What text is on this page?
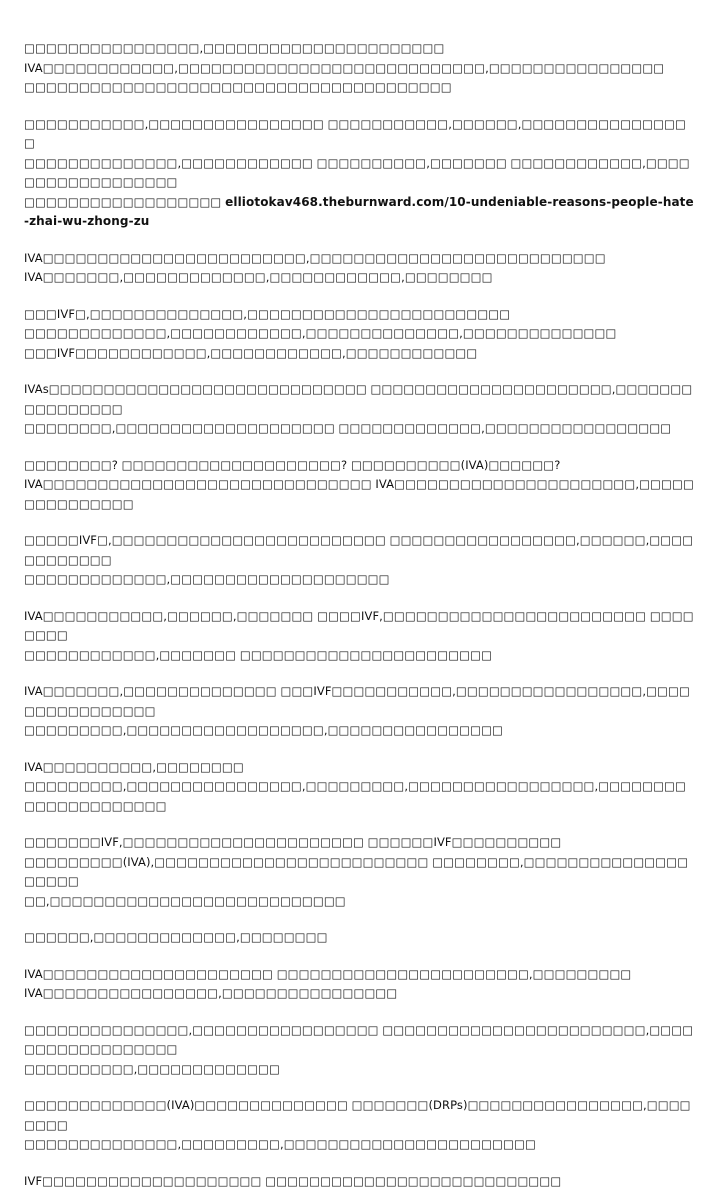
□□□□□□□□□□□□□□□□,□□□□□□□□□□□□□□□□□□□□□□
IVA□□□□□□□□□□□□,□□□□□□□□□□□□□□□□□□□□□□□□□□□□,□□□□□□□□□□□□□□□□
□□□□□□□□□□□□□□□□□□□□□□□□□□□□□□□□□□□□□□□

□□□□□□□□□□□,□□□□□□□□□□□□□□□□ □□□□□□□□□□□,□□□□□□,□□□□□□□□□□□□□□□□
□□□□□□□□□□□□□□,□□□□□□□□□□□□ □□□□□□□□□□,□□□□□□□ □□□□□□□□□□□□,□□□□□□□□□□□□□□□□□□
□□□□□□□□□□□□□□□□□□ elliotokav468.theburnward.com/10-undeniable-reasons-people-hate-zhai-wu-zhong-zu

IVA□□□□□□□□□□□□□□□□□□□□□□□□,□□□□□□□□□□□□□□□□□□□□□□□□□□□
IVA□□□□□□□,□□□□□□□□□□□□□,□□□□□□□□□□□□,□□□□□□□□

□□□IVF□,□□□□□□□□□□□□□□,□□□□□□□□□□□□□□□□□□□□□□□□
□□□□□□□□□□□□□,□□□□□□□□□□□□,□□□□□□□□□□□□□□,□□□□□□□□□□□□□□
□□□IVF□□□□□□□□□□□□,□□□□□□□□□□□□,□□□□□□□□□□□□

IVAs□□□□□□□□□□□□□□□□□□□□□□□□□□□□□ □□□□□□□□□□□□□□□□□□□□□□,□□□□□□□□□□□□□□□□
□□□□□□□□,□□□□□□□□□□□□□□□□□□□□ □□□□□□□□□□□□□,□□□□□□□□□□□□□□□□□

□□□□□□□□? □□□□□□□□□□□□□□□□□□□□? □□□□□□□□□□(IVA)□□□□□□?
IVA□□□□□□□□□□□□□□□□□□□□□□□□□□□□□□ IVA□□□□□□□□□□□□□□□□□□□□□□,□□□□□□□□□□□□□□□

□□□□□IVF□,□□□□□□□□□□□□□□□□□□□□□□□□□ □□□□□□□□□□□□□□□□□,□□□□□□,□□□□□□□□□□□□
□□□□□□□□□□□□□,□□□□□□□□□□□□□□□□□□□□

IVA□□□□□□□□□□□,□□□□□□,□□□□□□□ □□□□IVF,□□□□□□□□□□□□□□□□□□□□□□□□ □□□□□□□□
□□□□□□□□□□□□,□□□□□□□ □□□□□□□□□□□□□□□□□□□□□□□

IVA□□□□□□□,□□□□□□□□□□□□□□ □□□IVF□□□□□□□□□□□,□□□□□□□□□□□□□□□□□,□□□□□□□□□□□□□□□□
□□□□□□□□□,□□□□□□□□□□□□□□□□□□,□□□□□□□□□□□□□□□□

IVA□□□□□□□□□□,□□□□□□□□
□□□□□□□□□,□□□□□□□□□□□□□□□□,□□□□□□□□□,□□□□□□□□□□□□□□□□□,□□□□□□□□□□□□□□□□□□□□□

□□□□□□□IVF,□□□□□□□□□□□□□□□□□□□□□□ □□□□□□IVF□□□□□□□□□□
□□□□□□□□□(IVA),□□□□□□□□□□□□□□□□□□□□□□□□□ □□□□□□□□,□□□□□□□□□□□□□□□□□□□□
□□,□□□□□□□□□□□□□□□□□□□□□□□□□□□

□□□□□□,□□□□□□□□□□□□□,□□□□□□□□

IVA□□□□□□□□□□□□□□□□□□□□□ □□□□□□□□□□□□□□□□□□□□□□□,□□□□□□□□□
IVA□□□□□□□□□□□□□□□□,□□□□□□□□□□□□□□□□

□□□□□□□□□□□□□□□,□□□□□□□□□□□□□□□□□ □□□□□□□□□□□□□□□□□□□□□□□□,□□□□□□□□□□□□□□□□□□
□□□□□□□□□□,□□□□□□□□□□□□□

□□□□□□□□□□□□□(IVA)□□□□□□□□□□□□□□ □□□□□□□(DRPs)□□□□□□□□□□□□□□□□,□□□□□□□□
□□□□□□□□□□□□□□,□□□□□□□□□,□□□□□□□□□□□□□□□□□□□□□□□

IVF□□□□□□□□□□□□□□□□□□□□ □□□□□□□□□□□□□□□□□□□□□□□□□□□
